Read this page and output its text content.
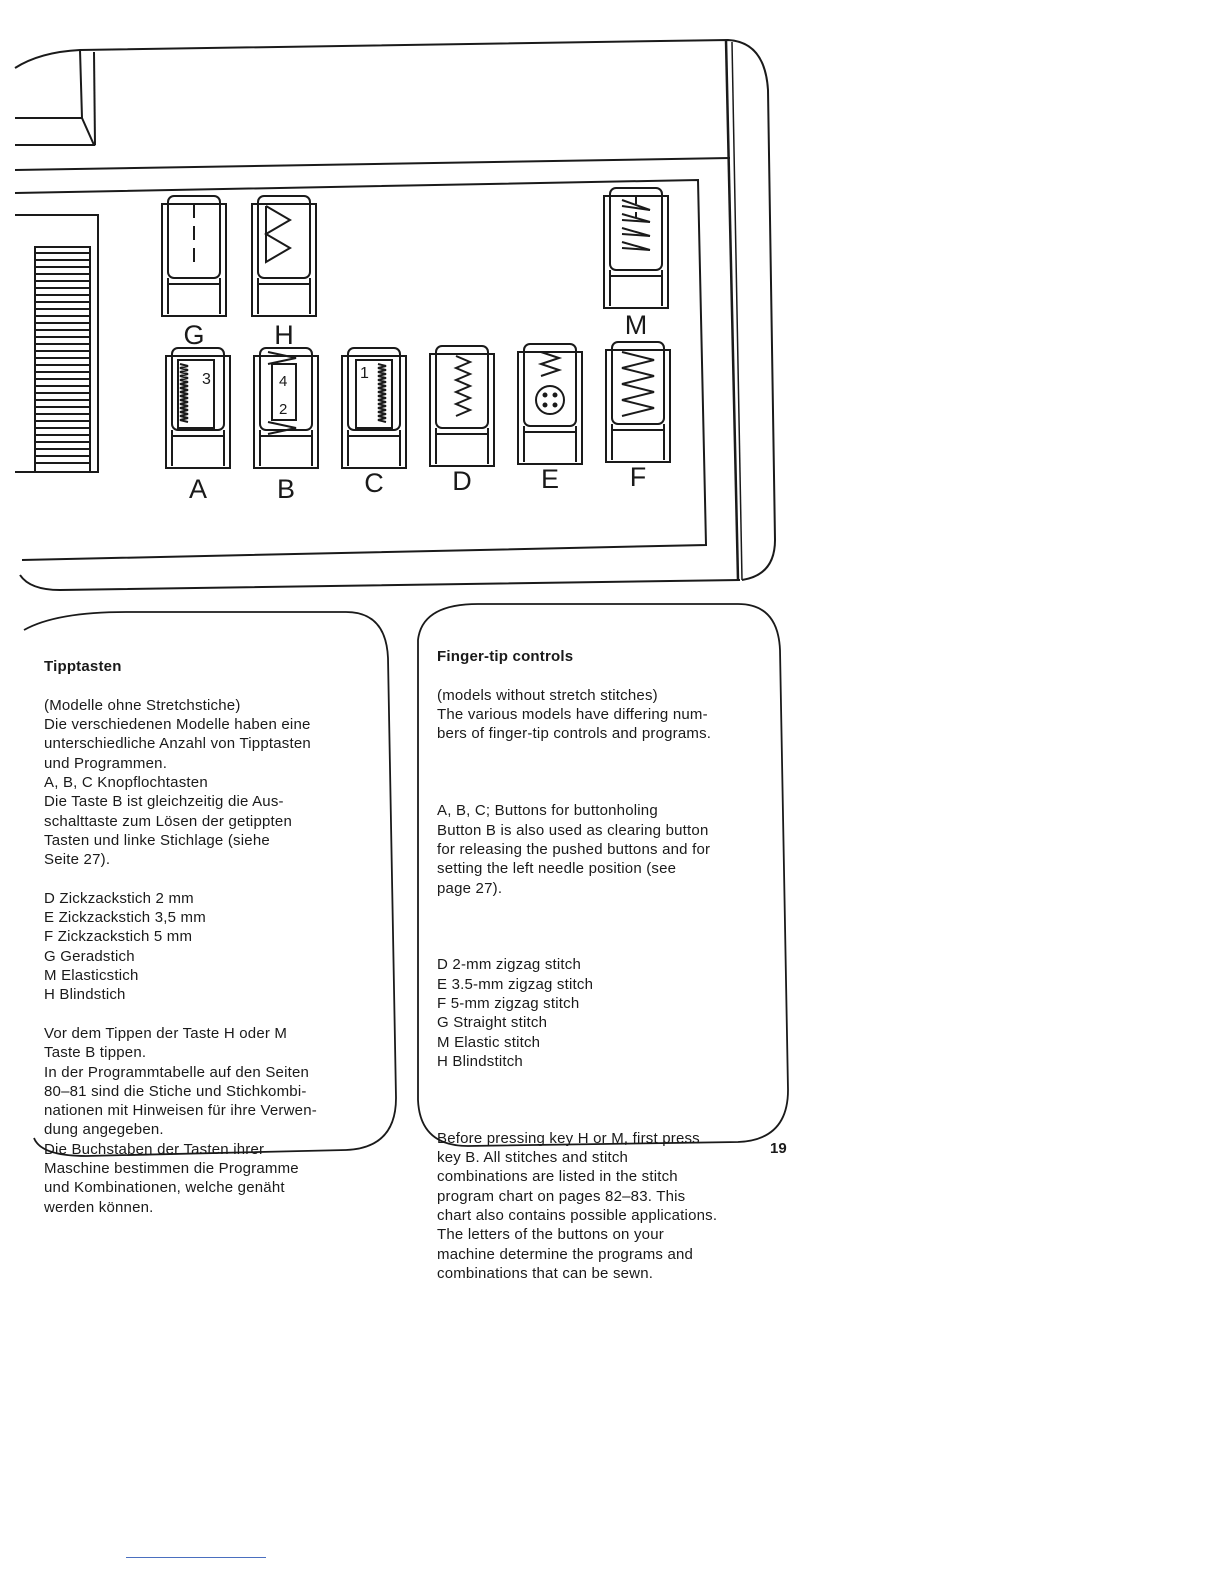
G	H	M
3
A
4
2
B
1
C	D	E	F

Tipptasten

(Modelle ohne Stretchstiche)
Die verschiedenen Modelle haben eine
unterschiedliche Anzahl von Tipptasten
und Programmen.
A, B, C Knopflochtasten
Die Taste B ist gleichzeitig die Aus-
schalttaste zum Lösen der getippten
Tasten und linke Stichlage (siehe
Seite 27).

D Zickzackstich 2 mm
E Zickzackstich 3,5 mm
F Zickzackstich 5 mm
G Geradstich
M Elasticstich
H Blindstich

Vor dem Tippen der Taste H oder M
Taste B tippen.
In der Programmtabelle auf den Seiten
80–81 sind die Stiche und Stichkombi-
nationen mit Hinweisen für ihre Verwen-
dung angegeben.
Die Buchstaben der Tasten ihrer
Maschine bestimmen die Programme
und Kombinationen, welche genäht
werden können.

Finger-tip controls

(models without stretch stitches)
The various models have differing num-
bers of finger-tip controls and programs.

A, B, C; Buttons for buttonholing
Button B is also used as clearing button
for releasing the pushed buttons and for
setting the left needle position (see
page 27).

D 2-mm zigzag stitch
E 3.5-mm zigzag stitch
F 5-mm zigzag stitch
G Straight stitch
M Elastic stitch
H Blindstitch

Before pressing key H or M, first press
key B. All stitches and stitch
combinations are listed in the stitch
program chart on pages 82–83. This
chart also contains possible applications.
The letters of the buttons on your
machine determine the programs and
combinations that can be sewn.

19
